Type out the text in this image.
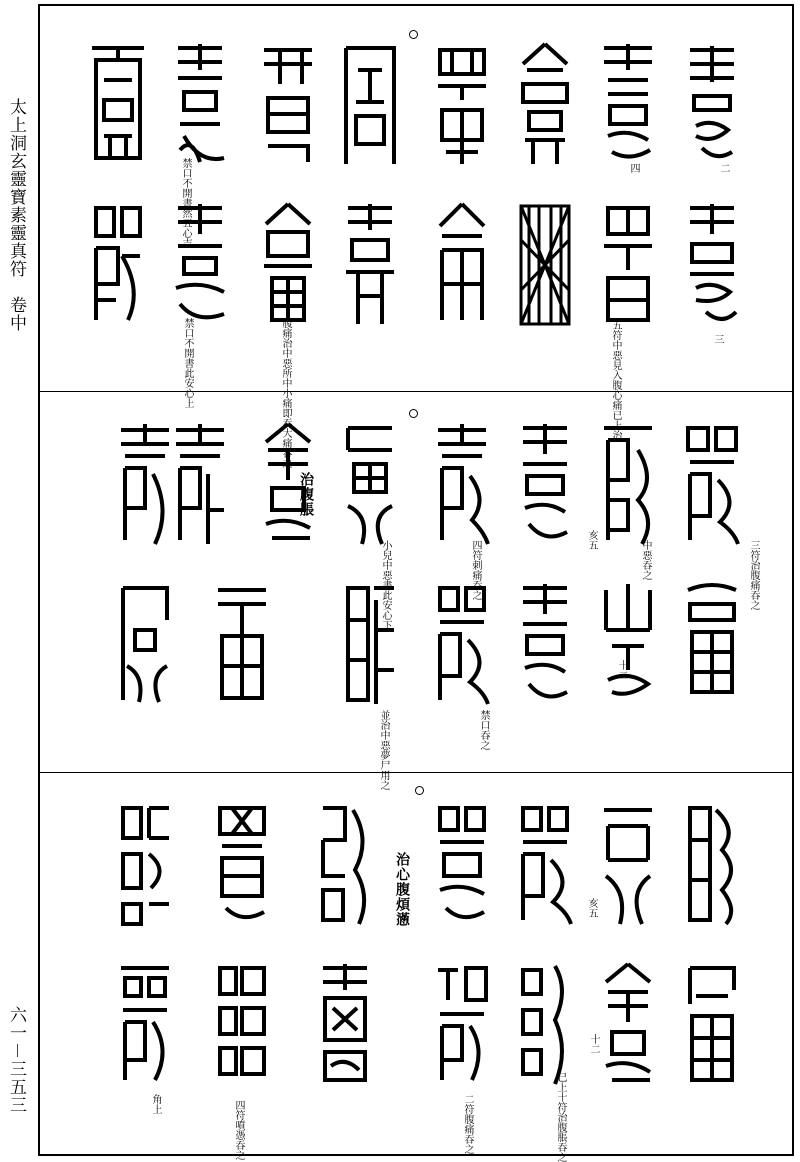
太上洞玄靈寶素靈真符　卷中
六一－三五三
二
四
禁口不開書然五心吉
三
五符中惡見入腹心痛已上治
腹痛治中惡所中小痛即吞大痛吞之
禁口不開書此安心上
治腹脹
三符治腹痛吞之
中惡吞之
亥五
四符刺痛吞之
小兒中惡書此安心下
十二
禁口吞之
並治中惡夢尸用之
治心腹煩懣	亥五
十二
已上十符治腹脹吞之
二符腹痛吞之
四符噴憑吞之
角上
